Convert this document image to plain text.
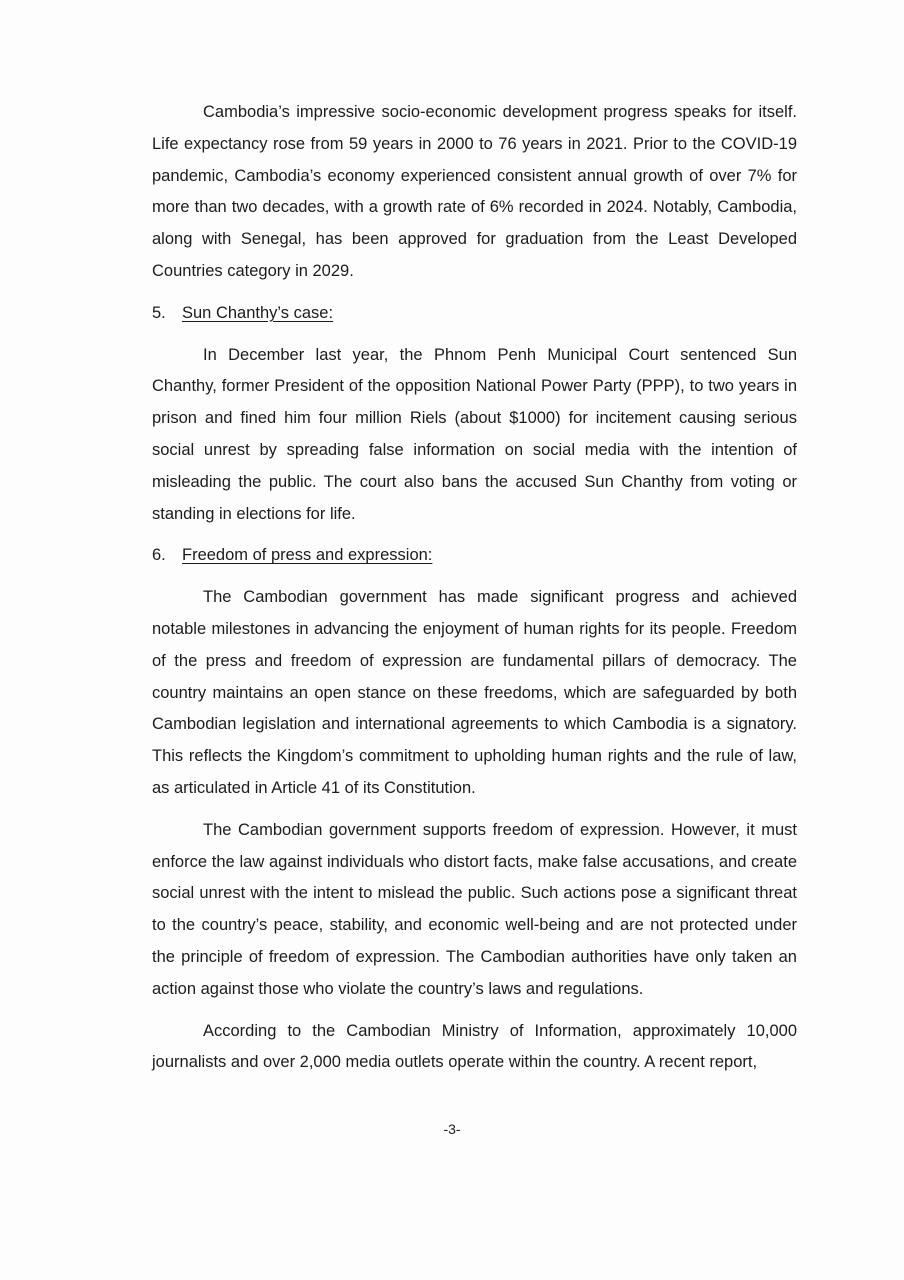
Cambodia’s impressive socio-economic development progress speaks for itself. Life expectancy rose from 59 years in 2000 to 76 years in 2021. Prior to the COVID-19 pandemic, Cambodia’s economy experienced consistent annual growth of over 7% for more than two decades, with a growth rate of 6% recorded in 2024. Notably, Cambodia, along with Senegal, has been approved for graduation from the Least Developed Countries category in 2029.

5. Sun Chanthy’s case:

In December last year, the Phnom Penh Municipal Court sentenced Sun Chanthy, former President of the opposition National Power Party (PPP), to two years in prison and fined him four million Riels (about $1000) for incitement causing serious social unrest by spreading false information on social media with the intention of misleading the public. The court also bans the accused Sun Chanthy from voting or standing in elections for life.

6. Freedom of press and expression:

The Cambodian government has made significant progress and achieved notable milestones in advancing the enjoyment of human rights for its people. Freedom of the press and freedom of expression are fundamental pillars of democracy. The country maintains an open stance on these freedoms, which are safeguarded by both Cambodian legislation and international agreements to which Cambodia is a signatory. This reflects the Kingdom’s commitment to upholding human rights and the rule of law, as articulated in Article 41 of its Constitution.

The Cambodian government supports freedom of expression. However, it must enforce the law against individuals who distort facts, make false accusations, and create social unrest with the intent to mislead the public. Such actions pose a significant threat to the country’s peace, stability, and economic well-being and are not protected under the principle of freedom of expression. The Cambodian authorities have only taken an action against those who violate the country’s laws and regulations.

According to the Cambodian Ministry of Information, approximately 10,000 journalists and over 2,000 media outlets operate within the country. A recent report,

-3-
